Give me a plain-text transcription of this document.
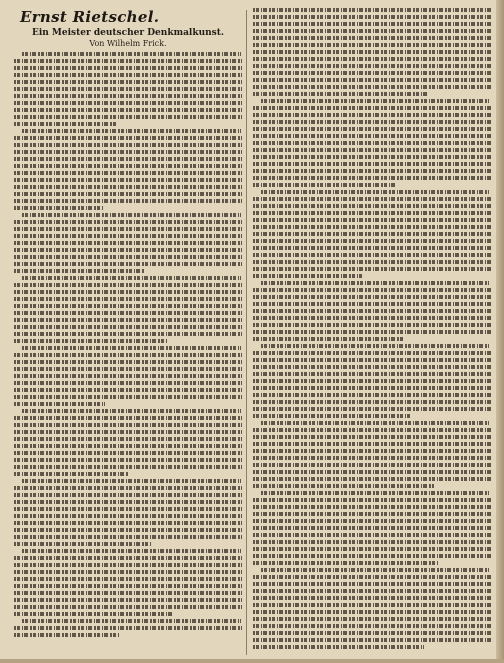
Ernst Rietschel.
Ein Meister deutscher Denkmalkunst.
Von Wilhelm Frick.
